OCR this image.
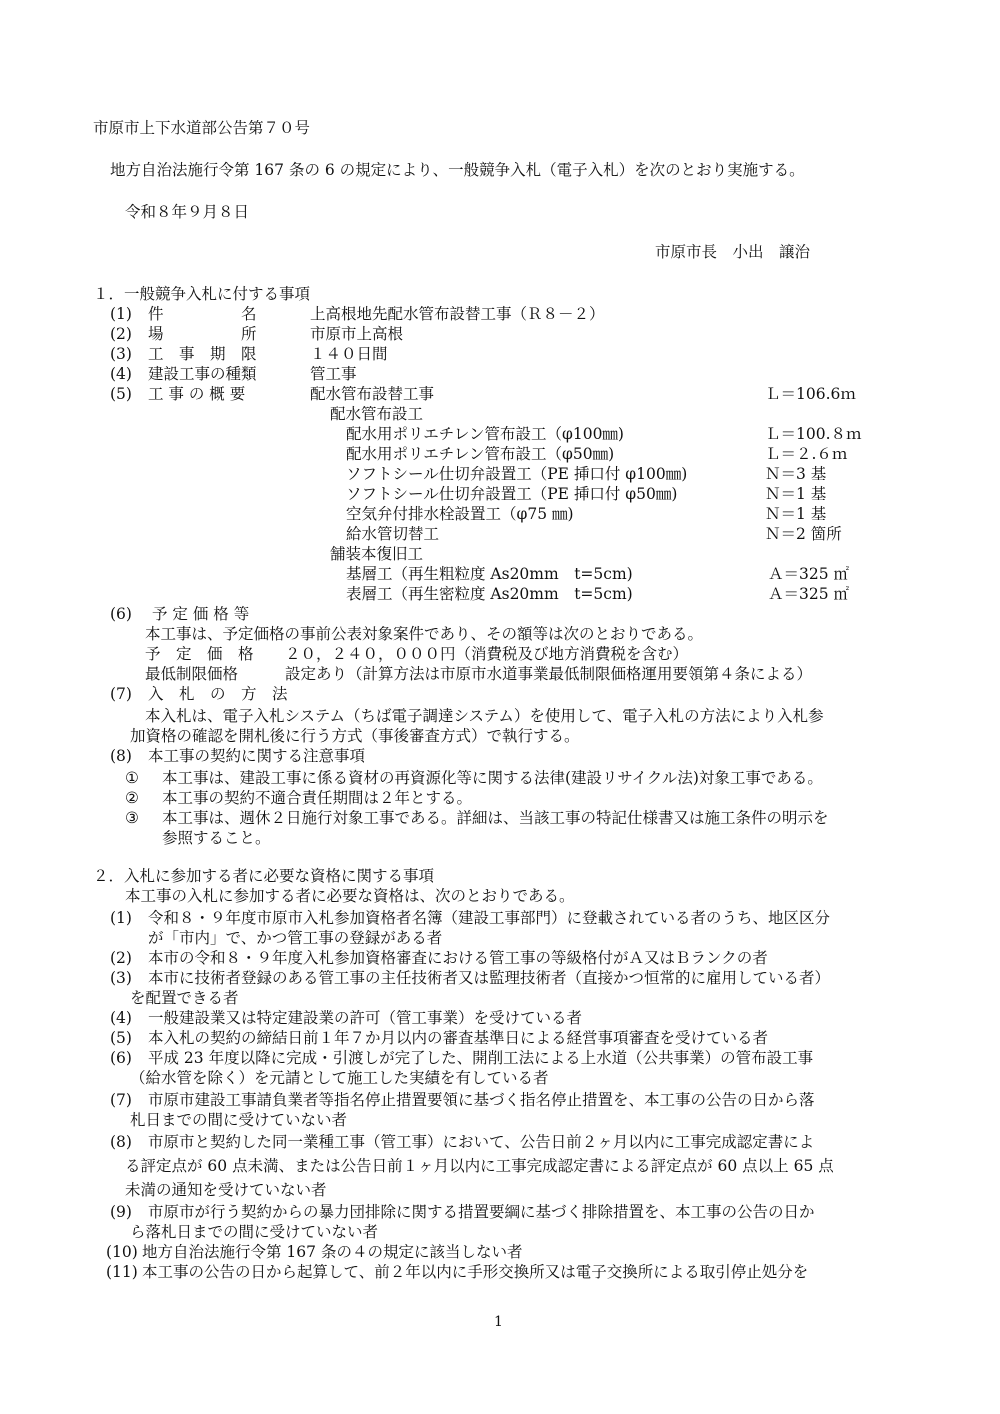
市原市上下水道部公告第７０号
地方自治法施行令第 167 条の 6 の規定により、一般競争入札（電子入札）を次のとおり実施する。
令和８年９月８日
市原市長　小出　譲治
１．一般競争入札に付する事項
(1) 件　　　　　名	上高根地先配水管布設替工事（Ｒ８－２）
(2) 場　　　　　所	市原市上高根
(3) 工　事　期　限	１４０日間
(4) 建設工事の種類	管工事
(5) 工 事 の 概 要	配水管布設替工事	Ｌ＝106.6ｍ
配水管布設工
配水用ポリエチレン管布設工（φ100㎜)	Ｌ＝100.８ｍ
配水用ポリエチレン管布設工（φ50㎜)	Ｌ＝２.６ｍ
ソフトシール仕切弁設置工（PE 挿口付 φ100㎜)	Ｎ＝3 基
ソフトシール仕切弁設置工（PE 挿口付 φ50㎜)	Ｎ＝1 基
空気弁付排水栓設置工（φ75 ㎜)	Ｎ＝1 基
給水管切替工	Ｎ＝2 箇所
舗装本復旧工
基層工（再生粗粒度 As20mm　t=5cm)	Ａ＝325 ㎡
表層工（再生密粒度 As20mm　t=5cm)	Ａ＝325 ㎡
(6) 予 定 価 格 等
本工事は、予定価格の事前公表対象案件であり、その額等は次のとおりである。
予　定　価　格 ２０，２４０，０００円（消費税及び地方消費税を含む）
最低制限価格	設定あり（計算方法は市原市水道事業最低制限価格運用要領第４条による）
(7) 入　札　の　方　法
本入札は、電子入札システム（ちば電子調達システム）を使用して、電子入札の方法により入札参
加資格の確認を開札後に行う方式（事後審査方式）で執行する。
(8) 本工事の契約に関する注意事項
① 本工事は、建設工事に係る資材の再資源化等に関する法律(建設リサイクル法)対象工事である。
② 本工事の契約不適合責任期間は２年とする。
③ 本工事は、週休２日施行対象工事である。詳細は、当該工事の特記仕様書又は施工条件の明示を
参照すること。
２．入札に参加する者に必要な資格に関する事項
本工事の入札に参加する者に必要な資格は、次のとおりである。
(1) 令和８・９年度市原市入札参加資格者名簿（建設工事部門）に登載されている者のうち、地区区分
が「市内」で、かつ管工事の登録がある者
(2) 本市の令和８・９年度入札参加資格審査における管工事の等級格付がＡ又はＢランクの者
(3) 本市に技術者登録のある管工事の主任技術者又は監理技術者（直接かつ恒常的に雇用している者）
を配置できる者
(4) 一般建設業又は特定建設業の許可（管工事業）を受けている者
(5) 本入札の契約の締結日前１年７か月以内の審査基準日による経営事項審査を受けている者
(6) 平成 23 年度以降に完成・引渡しが完了した、開削工法による上水道（公共事業）の管布設工事
（給水管を除く）を元請として施工した実績を有している者
(7) 市原市建設工事請負業者等指名停止措置要領に基づく指名停止措置を、本工事の公告の日から落
札日までの間に受けていない者
(8) 市原市と契約した同一業種工事（管工事）において、公告日前２ヶ月以内に工事完成認定書によ
る評定点が 60 点未満、または公告日前１ヶ月以内に工事完成認定書による評定点が 60 点以上 65 点
未満の通知を受けていない者
(9) 市原市が行う契約からの暴力団排除に関する措置要綱に基づく排除措置を、本工事の公告の日か
ら落札日までの間に受けていない者
(10) 地方自治法施行令第 167 条の４の規定に該当しない者
(11) 本工事の公告の日から起算して、前２年以内に手形交換所又は電子交換所による取引停止処分を
1
